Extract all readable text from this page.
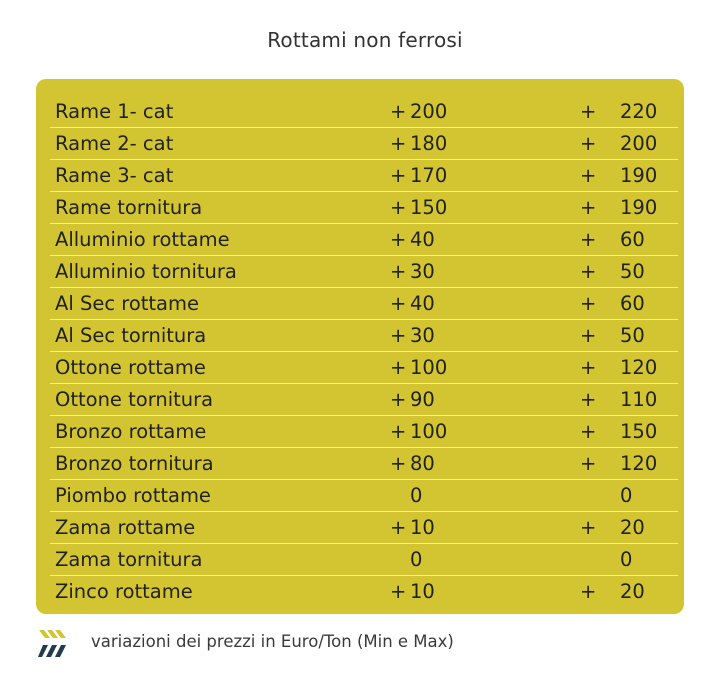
Rottami non ferrosi
Rame 1- cat	+ 200	+ 220
Rame 2- cat	+ 180	+ 200
Rame 3- cat	+ 170	+ 190
Rame tornitura	+ 150	+ 190
Alluminio rottame	+ 40	+ 60
Alluminio tornitura	+ 30	+ 50
Al Sec rottame	+ 40	+ 60
Al Sec tornitura	+ 30	+ 50
Ottone rottame	+ 100	+ 120
Ottone tornitura	+ 90	+ 110
Bronzo rottame	+ 100	+ 150
Bronzo tornitura	+ 80	+ 120
Piombo rottame	0	0
Zama rottame	+ 10	+ 20
Zama tornitura	0	0
Zinco rottame	+ 10	+ 20
variazioni dei prezzi in Euro/Ton (Min e Max)
